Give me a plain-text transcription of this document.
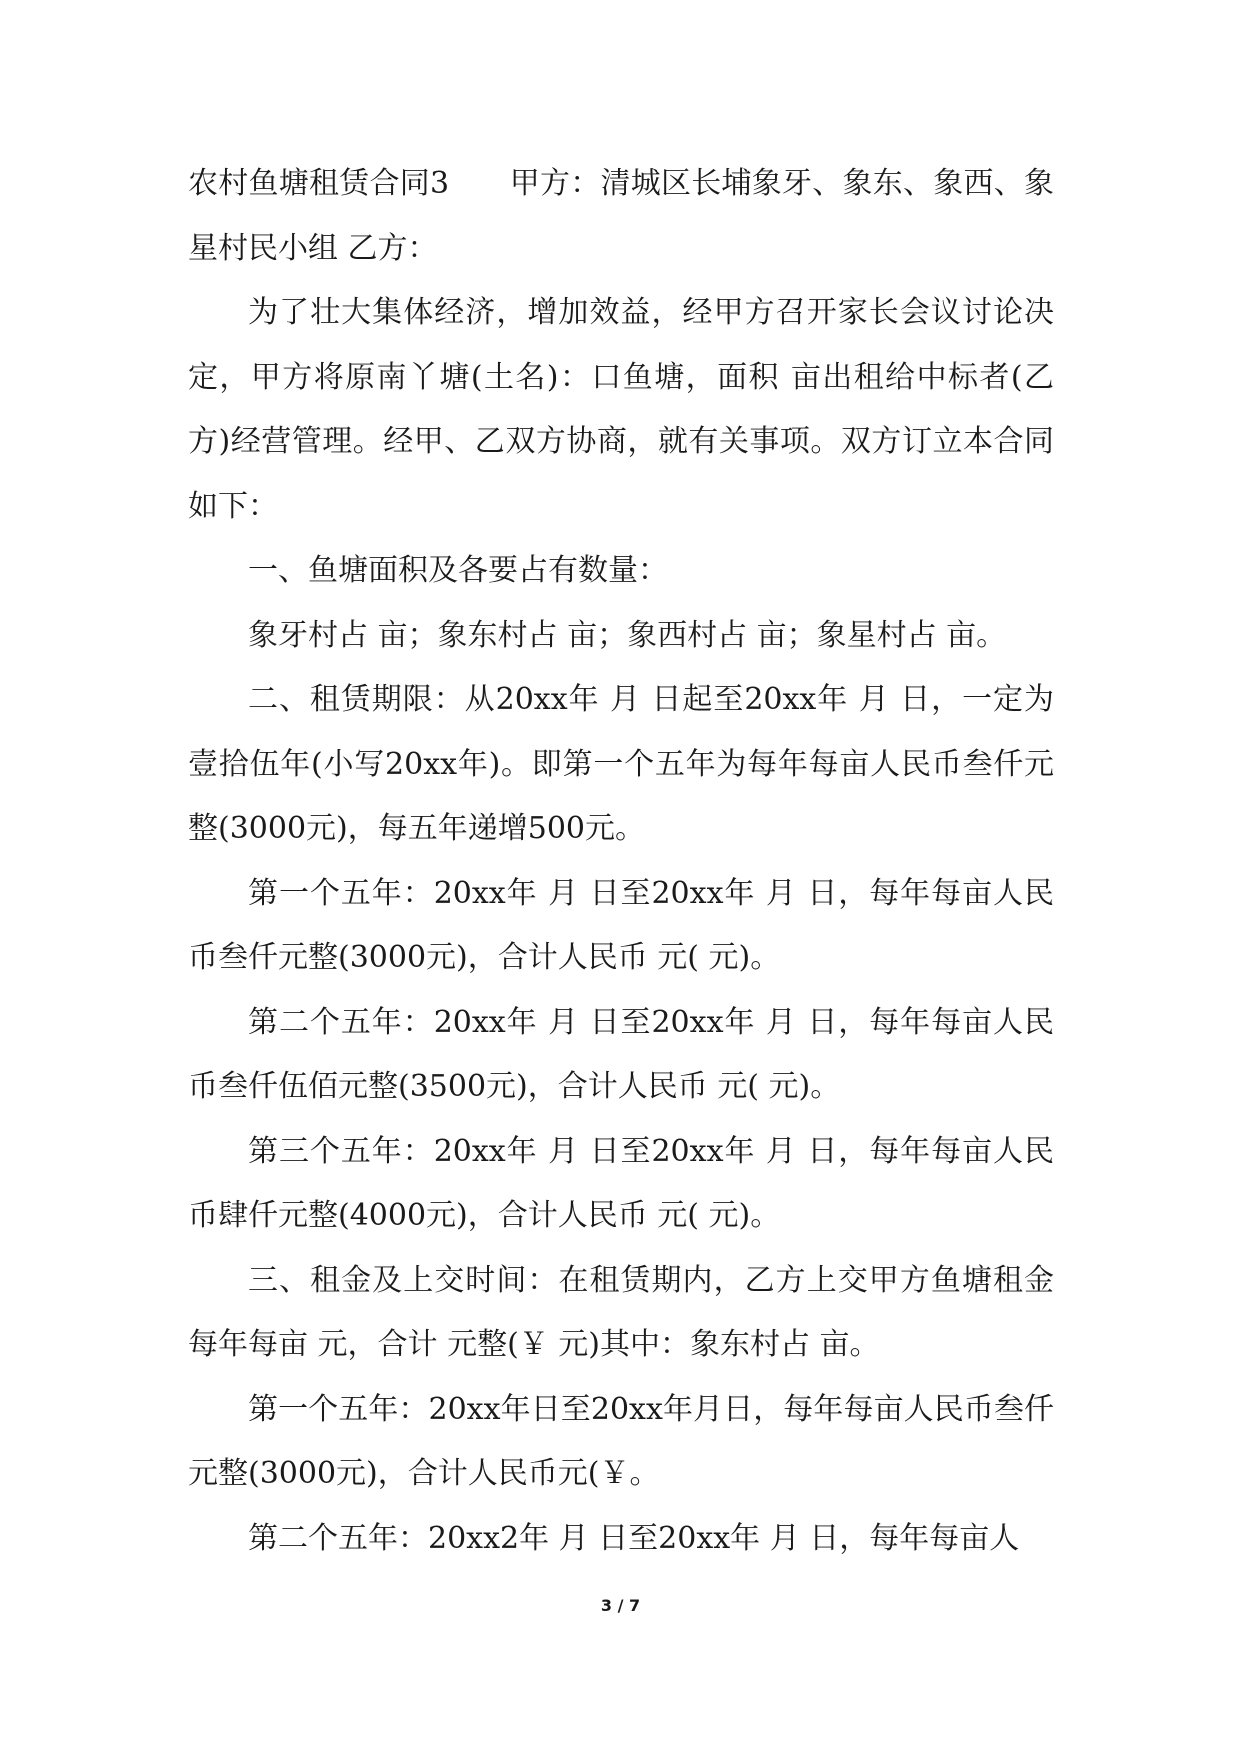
农村鱼塘租赁合同3　　甲方：清城区长埔象牙、象东、象西、象星村民小组 乙方：

为了壮大集体经济，增加效益，经甲方召开家长会议讨论决定，甲方将原南丫塘(土名)：口鱼塘，面积 亩出租给中标者(乙方)经营管理。经甲、乙双方协商，就有关事项。双方订立本合同如下：

一、鱼塘面积及各要占有数量：

象牙村占 亩；象东村占 亩；象西村占 亩；象星村占 亩。

二、租赁期限：从20xx年 月 日起至20xx年 月 日，一定为壹拾伍年(小写20xx年)。即第一个五年为每年每亩人民币叁仟元整(3000元)，每五年递增500元。

第一个五年：20xx年 月 日至20xx年 月 日，每年每亩人民币叁仟元整(3000元)，合计人民币 元( 元)。

第二个五年：20xx年 月 日至20xx年 月 日，每年每亩人民币叁仟伍佰元整(3500元)，合计人民币 元( 元)。

第三个五年：20xx年 月 日至20xx年 月 日，每年每亩人民币肆仟元整(4000元)，合计人民币 元( 元)。

三、租金及上交时间：在租赁期内，乙方上交甲方鱼塘租金每年每亩 元，合计 元整(￥ 元)其中：象东村占 亩。

第一个五年：20xx年日至20xx年月日，每年每亩人民币叁仟元整(3000元)，合计人民币元(￥。

第二个五年：20xx2年 月 日至20xx年 月 日，每年每亩人

3 / 7
